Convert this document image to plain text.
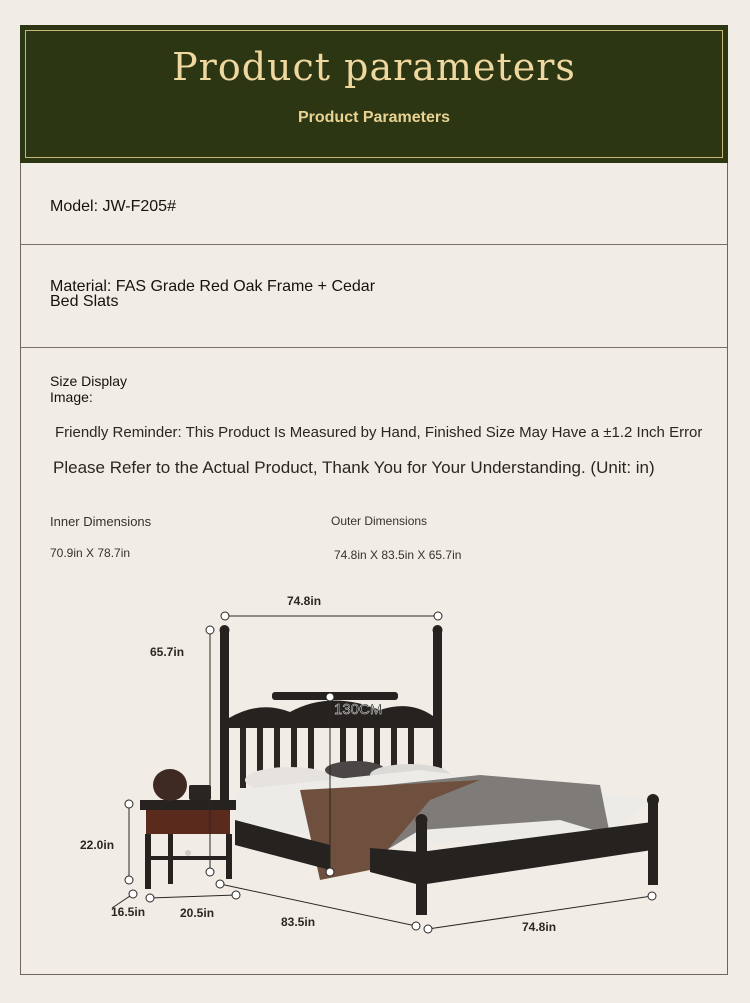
Product parameters
Product Parameters
Model: JW-F205#
Material: FAS Grade Red Oak Frame + Cedar
Bed Slats
Size Display
Image:
Friendly Reminder: This Product Is Measured by Hand, Finished Size May Have a ±1.2 Inch Error
Please Refer to the Actual Product, Thank You for Your Understanding. (Unit: in)
Inner Dimensions
70.9in X 78.7in
Outer Dimensions
74.8in X 83.5in X 65.7in
74.8in
65.7in
130CM
22.0in
16.5in	20.5in
83.5in	74.8in
